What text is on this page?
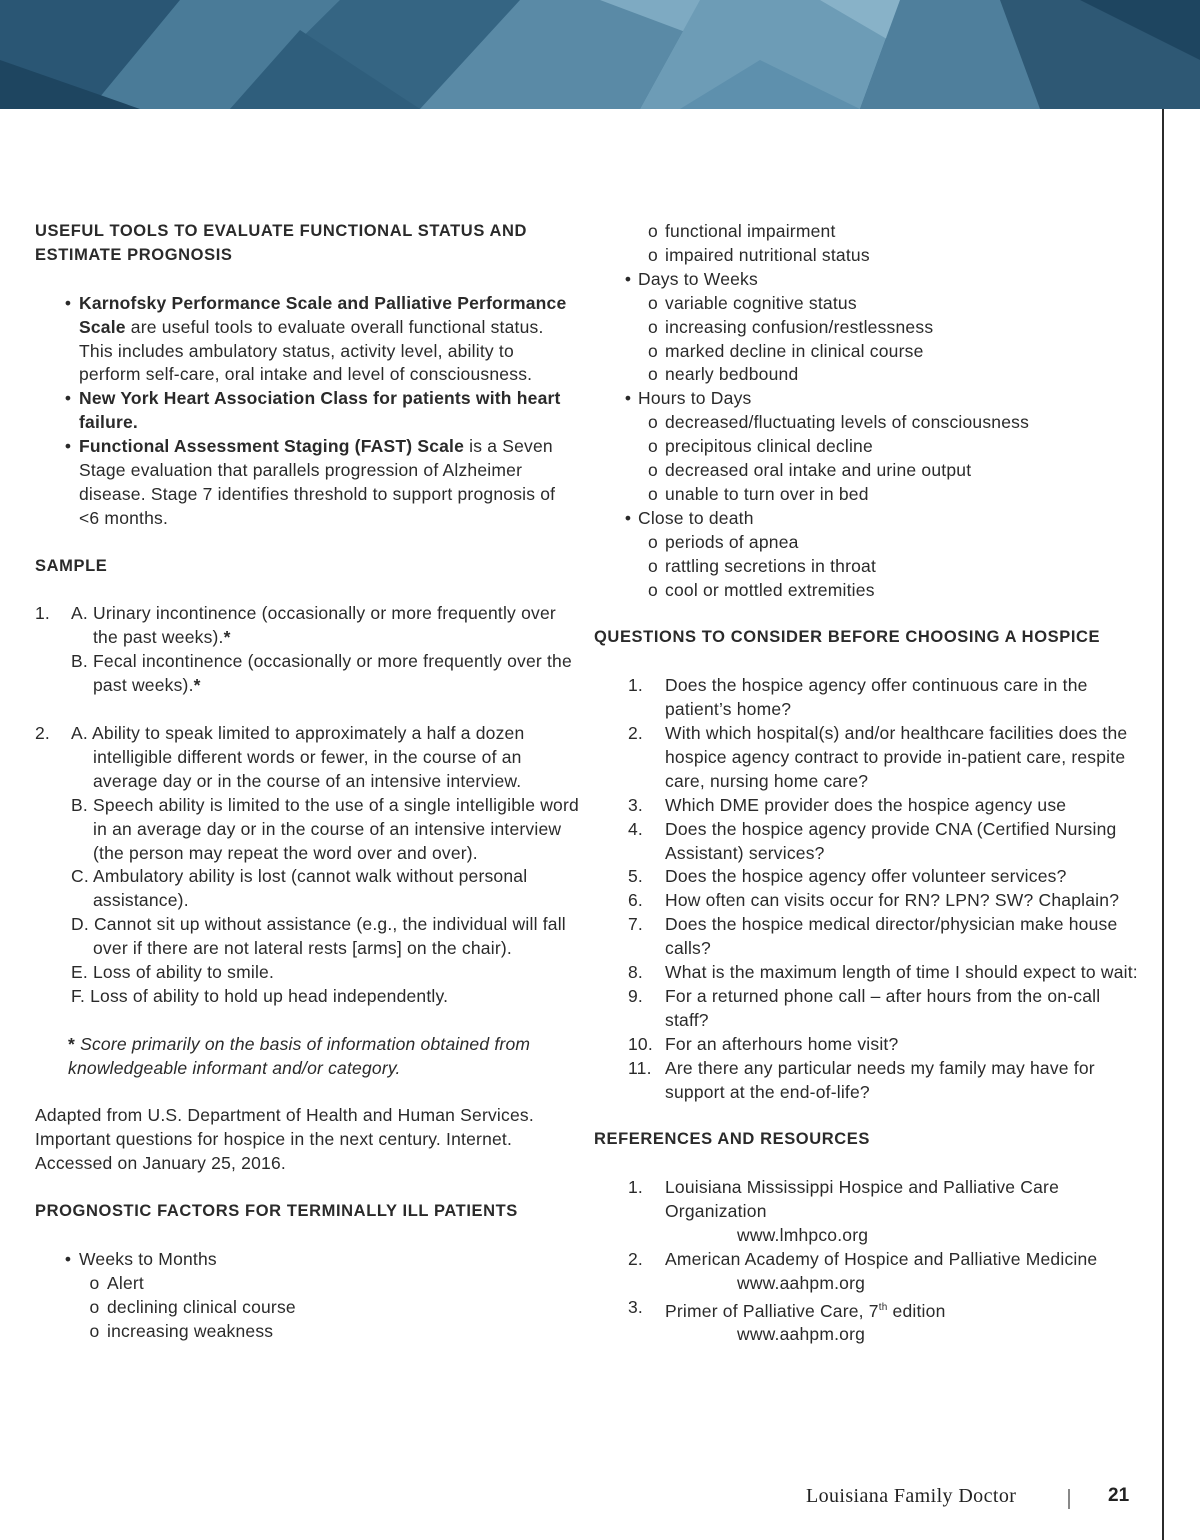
USEFUL TOOLS TO EVALUATE FUNCTIONAL STATUS AND ESTIMATE PROGNOSIS

• Karnofsky Performance Scale and Palliative Performance Scale are useful tools to evaluate overall functional status. This includes ambulatory status, activity level, ability to perform self-care, oral intake and level of consciousness.
• New York Heart Association Class for patients with heart failure.
• Functional Assessment Staging (FAST) Scale is a Seven Stage evaluation that parallels progression of Alzheimer disease. Stage 7 identifies threshold to support prognosis of <6 months.

SAMPLE

1.	A. Urinary incontinence (occasionally or more frequently over the past weeks).*

B. Fecal incontinence (occasionally or more frequently over the past weeks).*

2.	A. Ability to speak limited to approximately a half a dozen intelligible different words or fewer, in the course of an average day or in the course of an intensive interview.

B. Speech ability is limited to the use of a single intelligible word in an average day or in the course of an intensive interview (the person may repeat the word over and over).

C. Ambulatory ability is lost (cannot walk without personal assistance).

D. Cannot sit up without assistance (e.g., the individual will fall over if there are not lateral rests [arms] on the chair).

E. Loss of ability to smile.

F. Loss of ability to hold up head independently.

* Score primarily on the basis of information obtained from knowledgeable informant and/or category.

Adapted from U.S. Department of Health and Human Services. Important questions for hospice in the next century. Internet. Accessed on January 25, 2016.

PROGNOSTIC FACTORS FOR TERMINALLY ILL PATIENTS

• Weeks to Months
o Alert
o declining clinical course
o increasing weakness
o functional impairment
o impaired nutritional status
• Days to Weeks
o variable cognitive status
o increasing confusion/restlessness
o marked decline in clinical course
o nearly bedbound
• Hours to Days
o decreased/fluctuating levels of consciousness
o precipitous clinical decline
o decreased oral intake and urine output
o unable to turn over in bed
• Close to death
o periods of apnea
o rattling secretions in throat
o cool or mottled extremities

QUESTIONS TO CONSIDER BEFORE CHOOSING A HOSPICE

1.	Does the hospice agency offer continuous care in the patient’s home?
2.	With which hospital(s) and/or healthcare facilities does the hospice agency contract to provide in-patient care, respite care, nursing home care?
3.	Which DME provider does the hospice agency use
4.	Does the hospice agency provide CNA (Certified Nursing Assistant) services?
5.	Does the hospice agency offer volunteer services?
6.	How often can visits occur for RN? LPN? SW? Chaplain?
7.	Does the hospice medical director/physician make house calls?
8.	What is the maximum length of time I should expect to wait:
9.	For a returned phone call – after hours from the on-call staff?
10. For an afterhours home visit?
11. Are there any particular needs my family may have for support at the end-of-life?

REFERENCES AND RESOURCES

1.	Louisiana Mississippi Hospice and Palliative Care Organization

www.lmhpco.org

2.	American Academy of Hospice and Palliative Medicine

www.aahpm.org

3.	Primer of Palliative Care, 7th edition

www.aahpm.org

Louisiana Family Doctor	21
